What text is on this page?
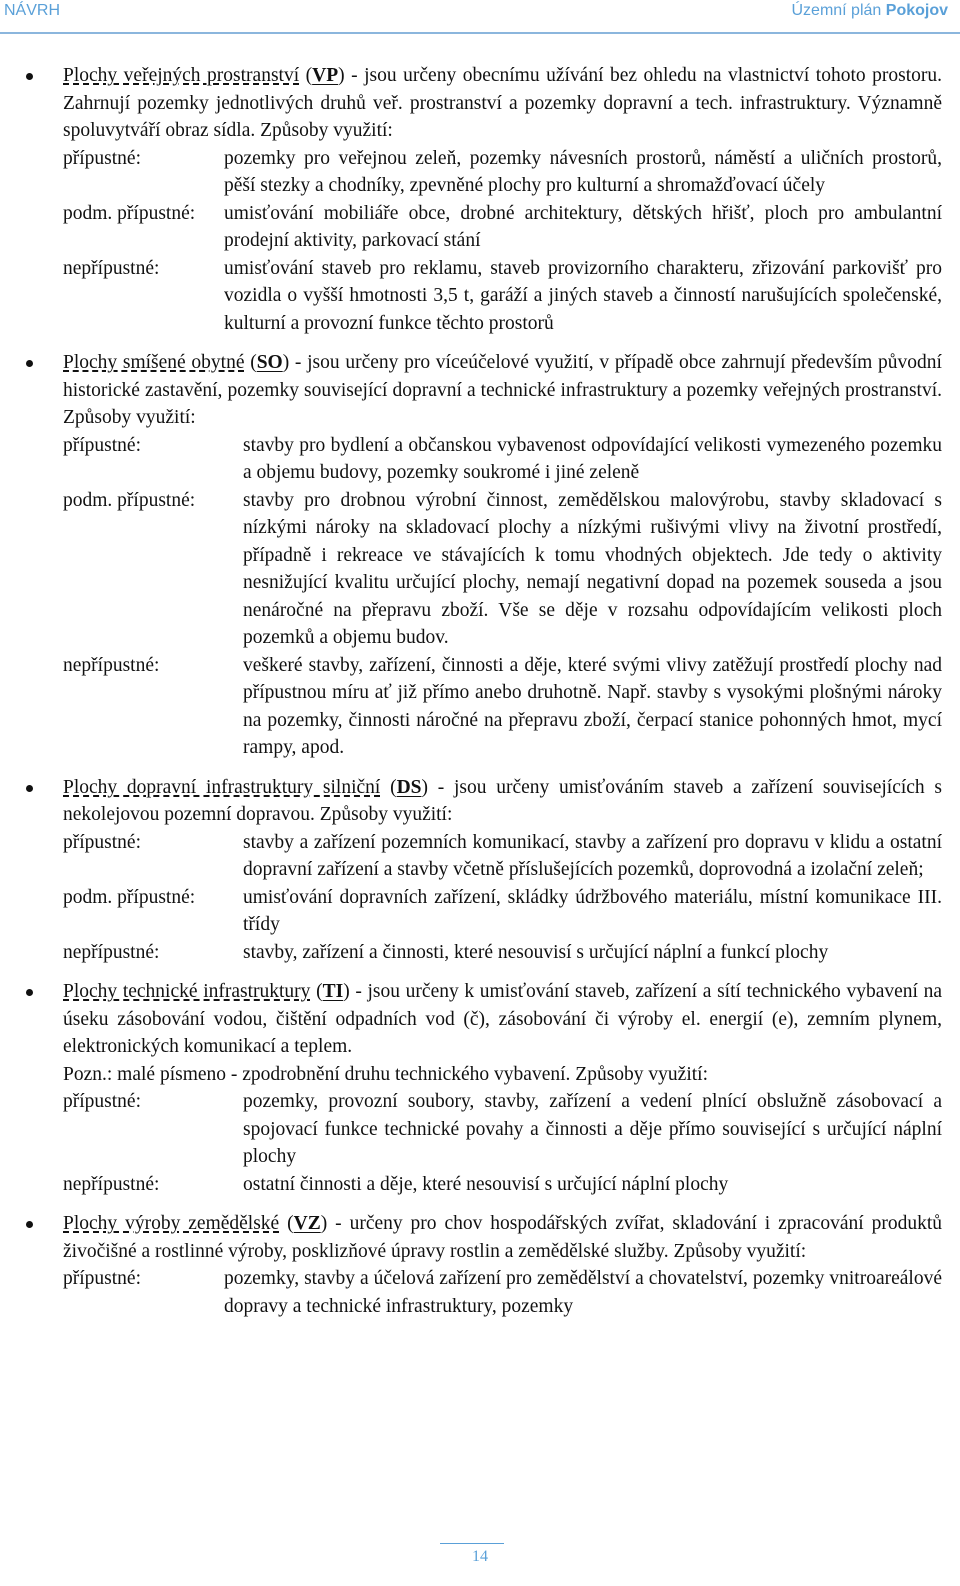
NÁVRH	Územní plán Pokojov
Plochy veřejných prostranství (VP) - jsou určeny obecnímu užívání bez ohledu na vlastnictví tohoto prostoru. Zahrnují pozemky jednotlivých druhů veř. prostranství a pozemky dopravní a tech. infrastruktury. Významně spoluvytváří obraz sídla. Způsoby využití:
přípustné:	pozemky pro veřejnou zeleň, pozemky návesních prostorů, náměstí a uličních prostorů, pěší stezky a chodníky, zpevněné plochy pro kulturní a shromažďovací účely
podm. přípustné:	umisťování mobiliáře obce, drobné architektury, dětských hřišť, ploch pro ambulantní prodejní aktivity, parkovací stání
nepřípustné:	umisťování staveb pro reklamu, staveb provizorního charakteru, zřizování parkovišť pro vozidla o vyšší hmotnosti 3,5 t, garáží a jiných staveb a činností narušujících společenské, kulturní a provozní funkce těchto prostorů
Plochy smíšené obytné (SO) - jsou určeny pro víceúčelové využití, v případě obce zahrnují především původní historické zastavění, pozemky související dopravní a technické infrastruktury a pozemky veřejných prostranství. Způsoby využití:
přípustné:	stavby pro bydlení a občanskou vybavenost odpovídající velikosti vymezeného pozemku a objemu budovy, pozemky soukromé i jiné zeleně
podm. přípustné:	stavby pro drobnou výrobní činnost, zemědělskou malovýrobu, stavby skladovací s nízkými nároky na skladovací plochy a nízkými rušivými vlivy na životní prostředí, případně i rekreace ve stávajících k tomu vhodných objektech. Jde tedy o aktivity nesnižující kvalitu určující plochy, nemají negativní dopad na pozemek souseda a jsou nenáročné na přepravu zboží. Vše se děje v rozsahu odpovídajícím velikosti ploch pozemků a objemu budov.
nepřípustné:	veškeré stavby, zařízení, činnosti a děje, které svými vlivy zatěžují prostředí plochy nad přípustnou míru ať již přímo anebo druhotně. Např. stavby s vysokými plošnými nároky na pozemky, činnosti náročné na přepravu zboží, čerpací stanice pohonných hmot, mycí rampy, apod.
Plochy dopravní infrastruktury silniční (DS) - jsou určeny umisťováním staveb a zařízení souvisejících s nekolejovou pozemní dopravou. Způsoby využití:
přípustné:	stavby a zařízení pozemních komunikací, stavby a zařízení pro dopravu v klidu a ostatní dopravní zařízení a stavby včetně příslušejících pozemků, doprovodná a izolační zeleň;
podm. přípustné:	umisťování dopravních zařízení, skládky údržbového materiálu, místní komunikace III. třídy
nepřípustné:	stavby, zařízení a činnosti, které nesouvisí s určující náplní a funkcí plochy
Plochy technické infrastruktury (TI) - jsou určeny k umisťování staveb, zařízení a sítí technického vybavení na úseku zásobování vodou, čištění odpadních vod (č), zásobování či výroby el. energií (e), zemním plynem, elektronických komunikací a teplem.
Pozn.: malé písmeno - zpodrobnění druhu technického vybavení. Způsoby využití:
přípustné:	pozemky, provozní soubory, stavby, zařízení a vedení plnící obslužně zásobovací a spojovací funkce technické povahy a činnosti a děje přímo související s určující náplní plochy
nepřípustné:	ostatní činnosti a děje, které nesouvisí s určující náplní plochy
Plochy výroby zemědělské (VZ) - určeny pro chov hospodářských zvířat, skladování i zpracování produktů živočišné a rostlinné výroby, posklizňové úpravy rostlin a zemědělské služby. Způsoby využití:
přípustné:	pozemky, stavby a účelová zařízení pro zemědělství a chovatelství, pozemky vnitroareálové dopravy a technické infrastruktury, pozemky
14
